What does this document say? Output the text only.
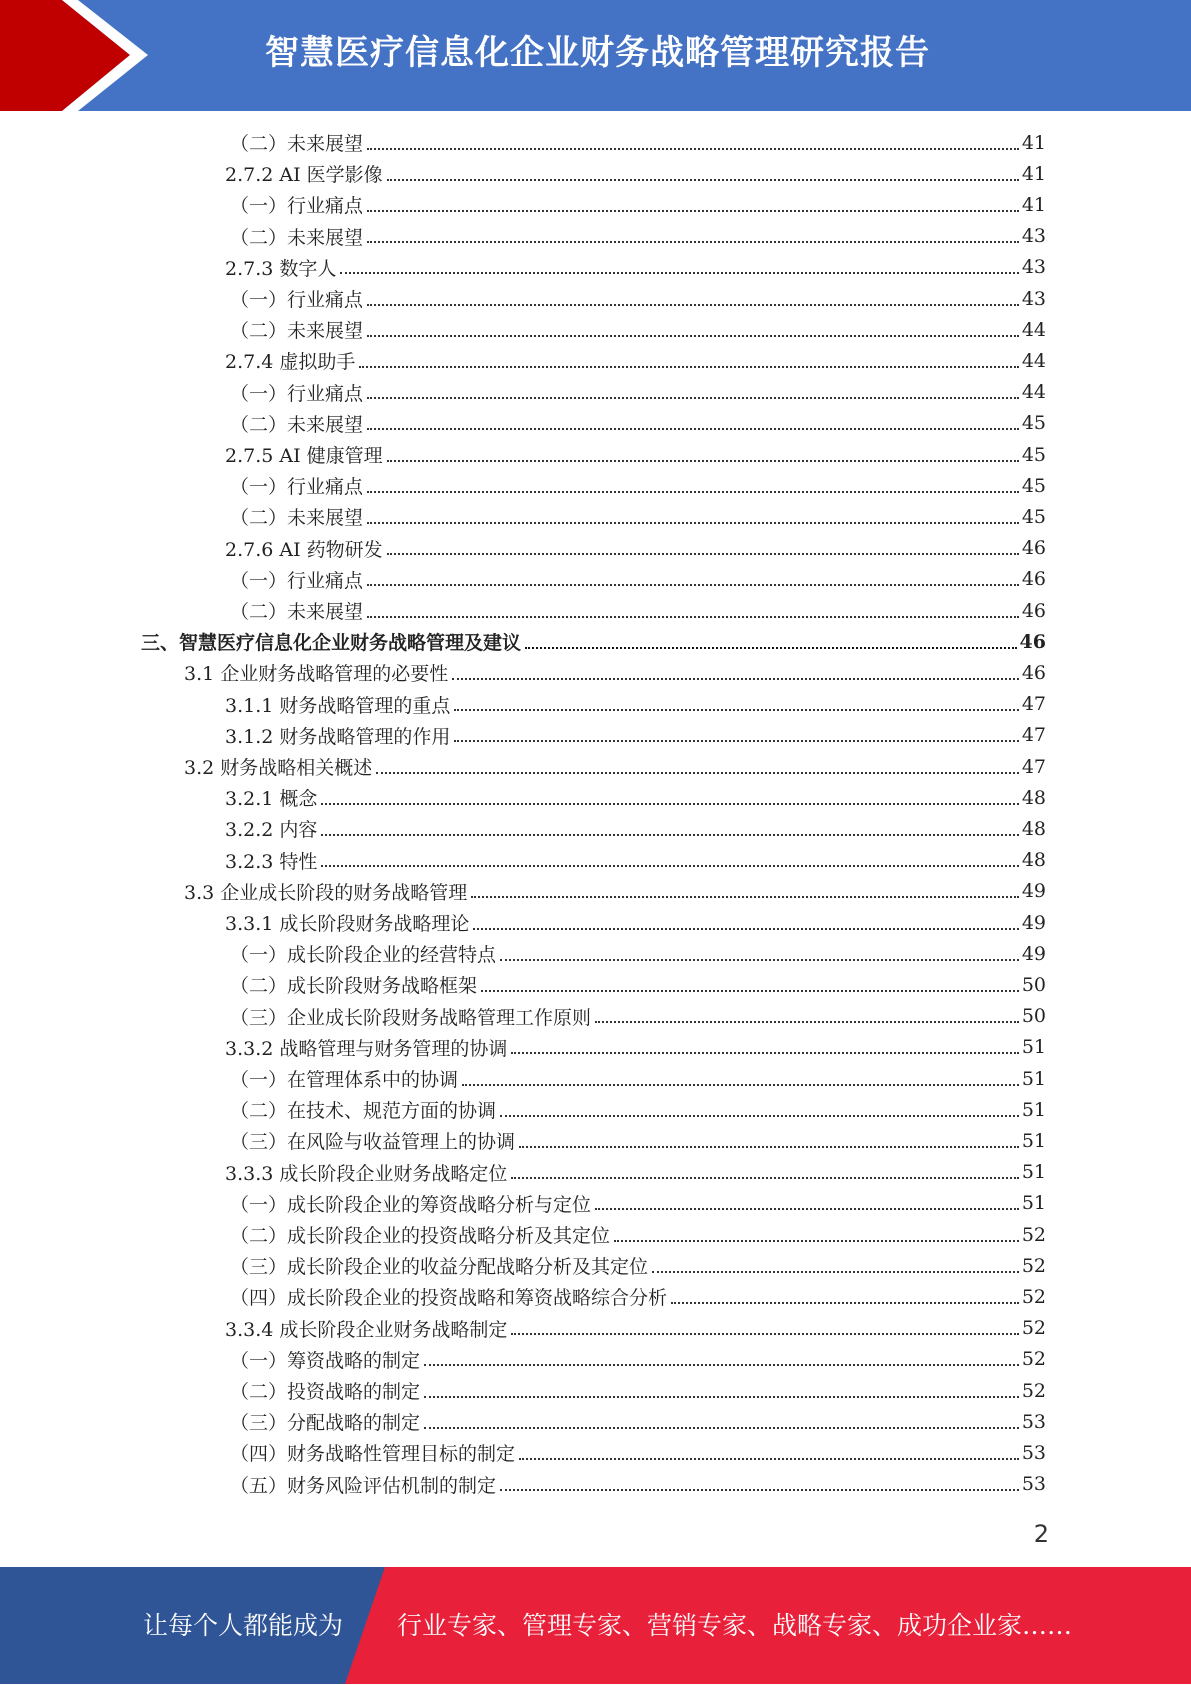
智慧医疗信息化企业财务战略管理研究报告
（二）未来展望	41
2.7.2 AI 医学影像	41
（一）行业痛点	41
（二）未来展望	43
2.7.3 数字人	43
（一）行业痛点	43
（二）未来展望	44
2.7.4 虚拟助手	44
（一）行业痛点	44
（二）未来展望	45
2.7.5 AI 健康管理	45
（一）行业痛点	45
（二）未来展望	45
2.7.6 AI 药物研发	46
（一）行业痛点	46
（二）未来展望	46
三、智慧医疗信息化企业财务战略管理及建议	46
3.1 企业财务战略管理的必要性	46
3.1.1 财务战略管理的重点	47
3.1.2 财务战略管理的作用	47
3.2 财务战略相关概述	47
3.2.1 概念	48
3.2.2 内容	48
3.2.3 特性	48
3.3 企业成长阶段的财务战略管理	49
3.3.1 成长阶段财务战略理论	49
（一）成长阶段企业的经营特点	49
（二）成长阶段财务战略框架	50
（三）企业成长阶段财务战略管理工作原则	50
3.3.2 战略管理与财务管理的协调	51
（一）在管理体系中的协调	51
（二）在技术、规范方面的协调	51
（三）在风险与收益管理上的协调	51
3.3.3 成长阶段企业财务战略定位	51
（一）成长阶段企业的筹资战略分析与定位	51
（二）成长阶段企业的投资战略分析及其定位	52
（三）成长阶段企业的收益分配战略分析及其定位	52
（四）成长阶段企业的投资战略和筹资战略综合分析	52
3.3.4 成长阶段企业财务战略制定	52
（一）筹资战略的制定	52
（二）投资战略的制定	52
（三）分配战略的制定	53
（四）财务战略性管理目标的制定	53
（五）财务风险评估机制的制定	53
2
让每个人都能成为 行业专家、管理专家、营销专家、战略专家、成功企业家……
